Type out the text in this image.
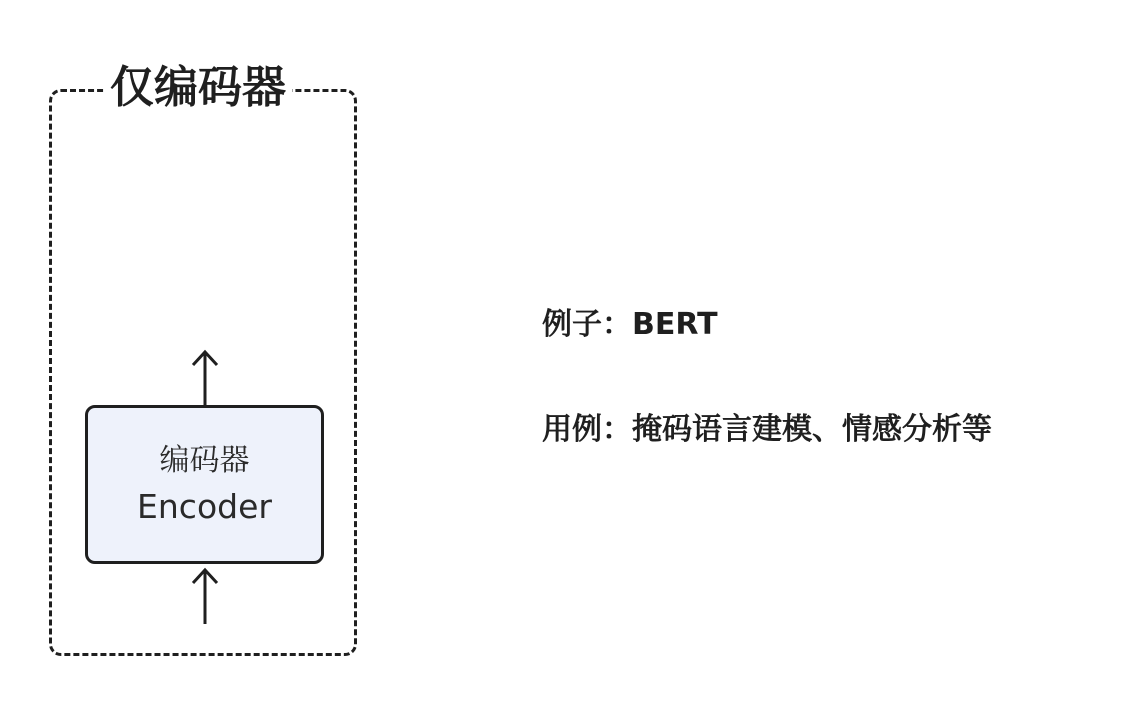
仅编码器
编码器
Encoder
例子：BERT
用例：掩码语言建模、情感分析等
